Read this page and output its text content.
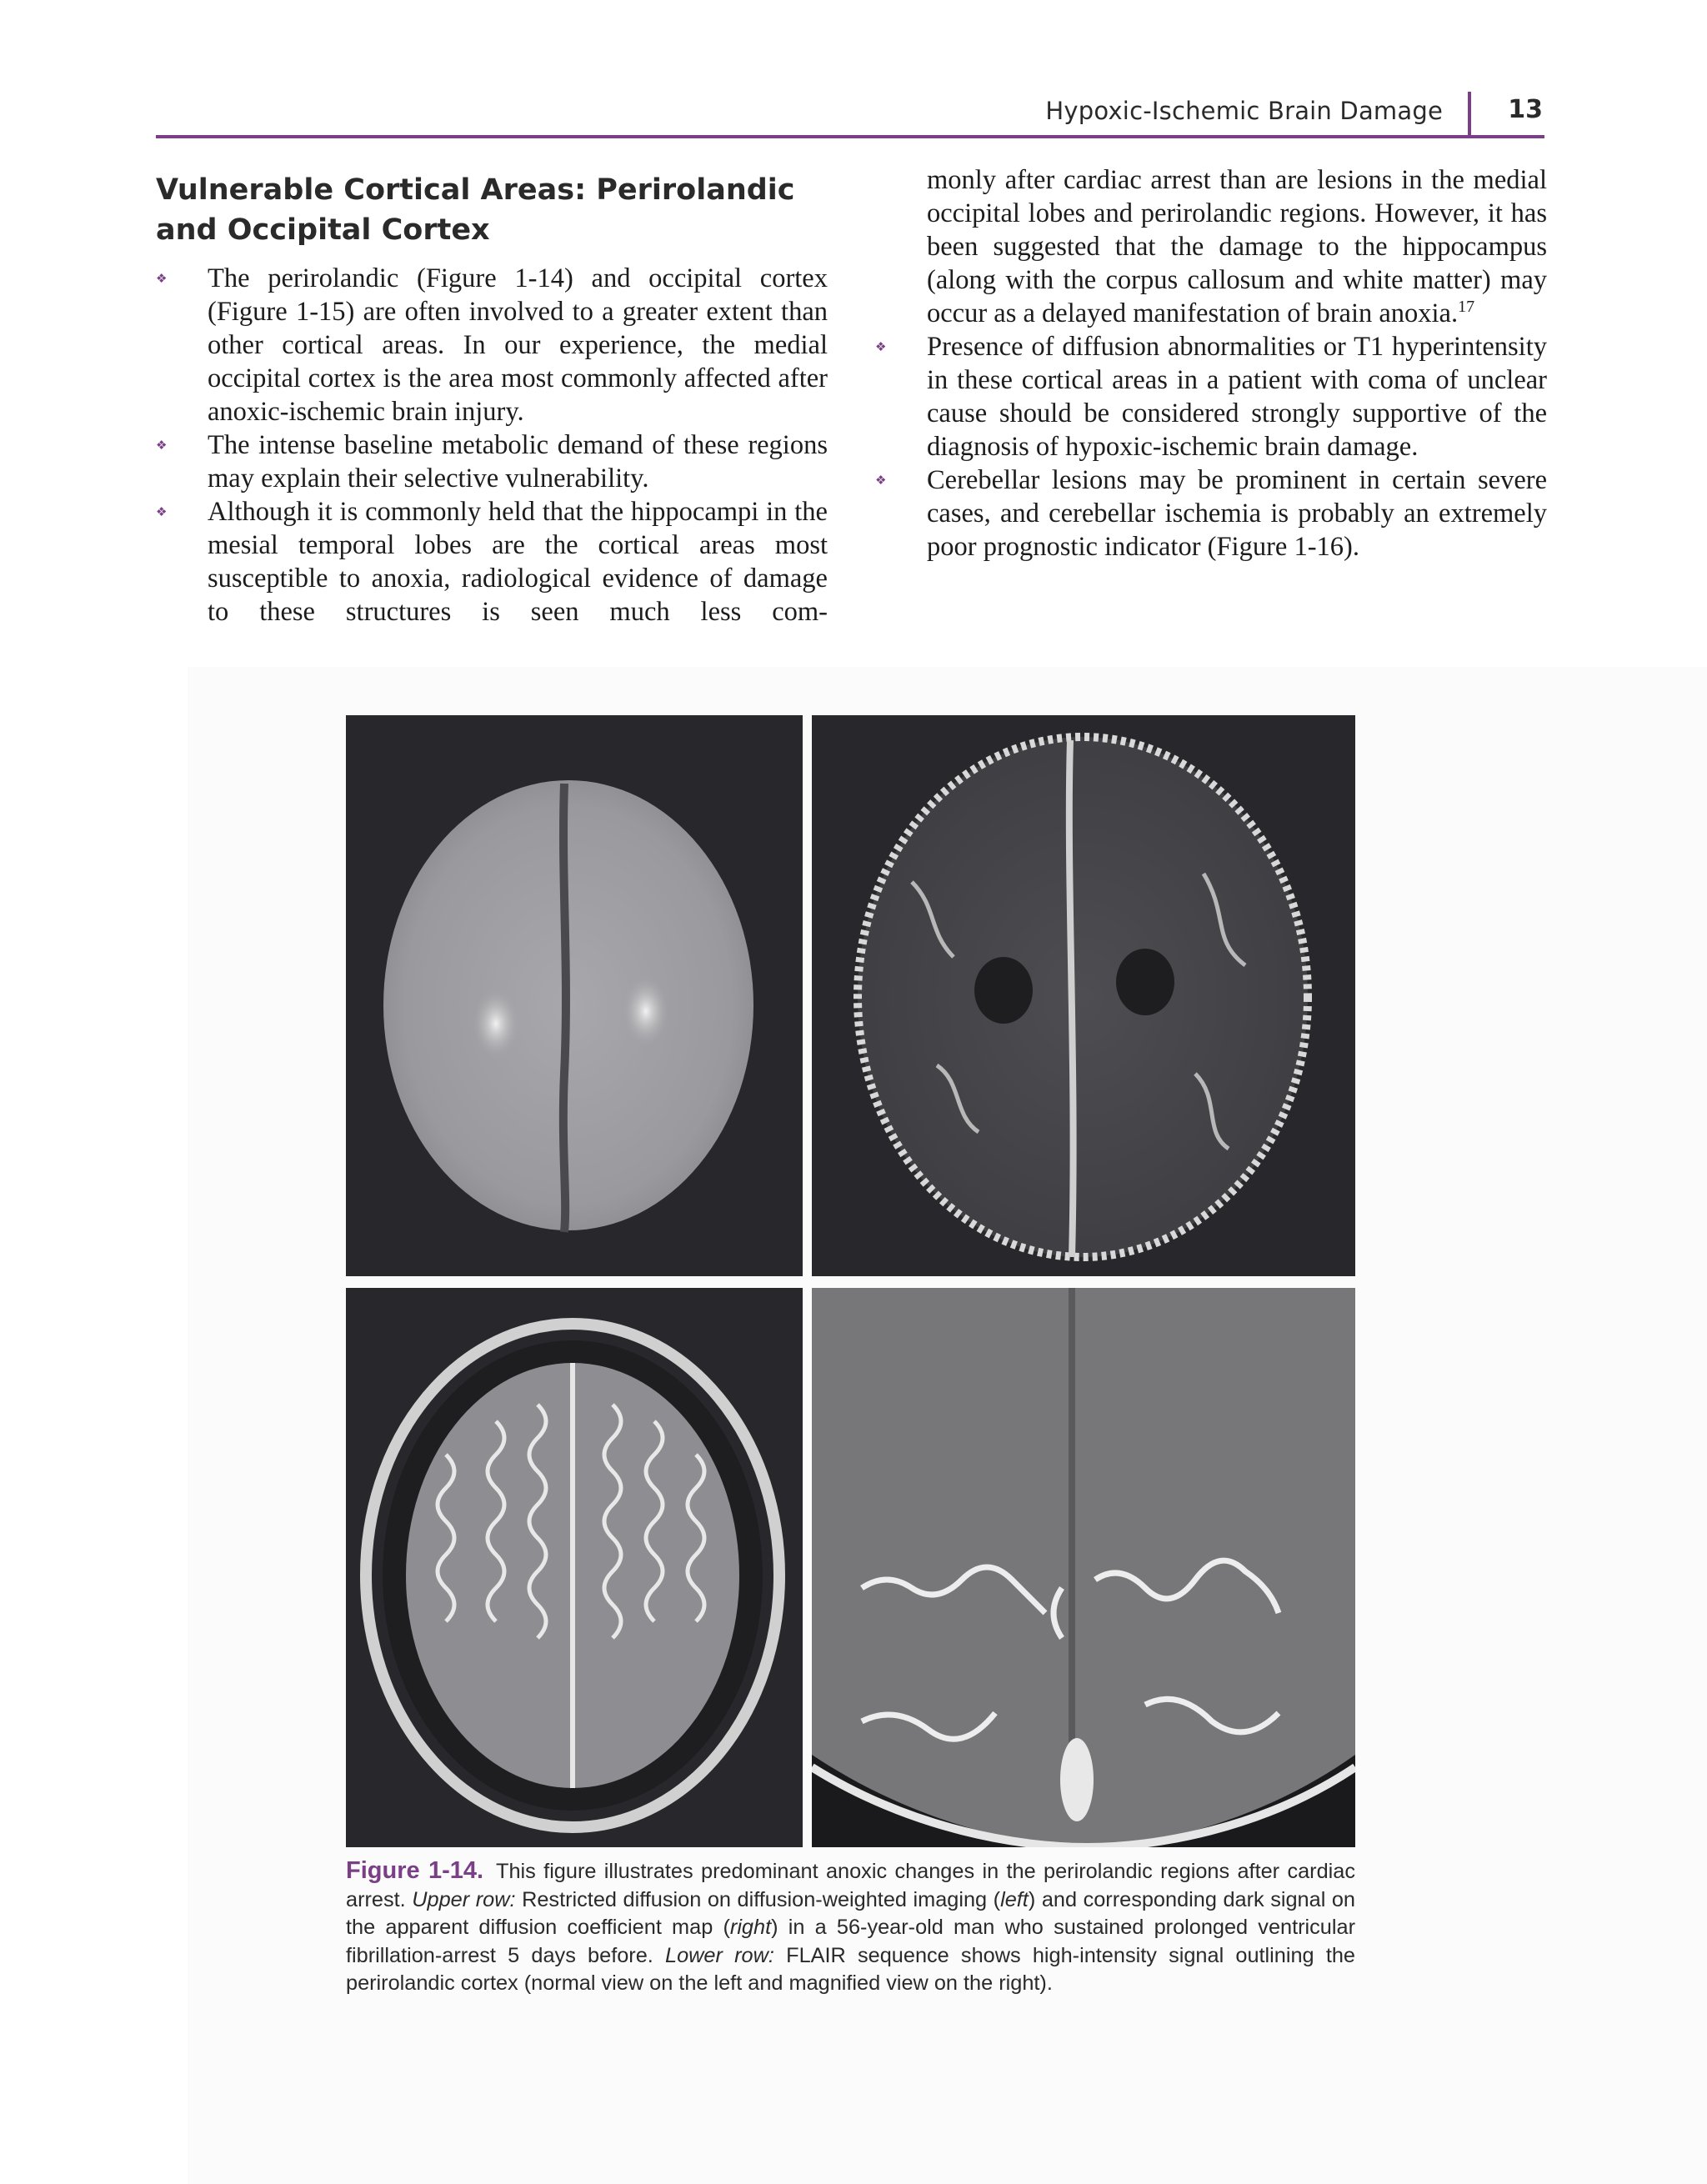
Hypoxic-Ischemic Brain Damage	13
Vulnerable Cortical Areas: Perirolandic
and Occipital Cortex
❖ The perirolandic (Figure 1-14) and occipital cortex (Figure 1-15) are often involved to a greater extent than other cortical areas. In our experience, the medial occipital cortex is the area most commonly affected after anoxic-ischemic brain injury.
❖ The intense baseline metabolic demand of these regions may explain their selective vulnerability.
❖ Although it is commonly held that the hippocampi in the mesial temporal lobes are the cortical areas most susceptible to anoxia, radiological evidence of damage to these structures is seen much less com-

monly after cardiac arrest than are lesions in the medial occipital lobes and perirolandic regions. However, it has been suggested that the damage to the hippocampus (along with the corpus callosum and white matter) may occur as a delayed manifestation of brain anoxia.$^{17}$

❖ Presence of diffusion abnormalities or T1 hyperintensity in these cortical areas in a patient with coma of unclear cause should be considered strongly supportive of the diagnosis of hypoxic-ischemic brain damage.
❖ Cerebellar lesions may be prominent in certain severe cases, and cerebellar ischemia is probably an extremely poor prognostic indicator (Figure 1-16).
Figure 1-14. This figure illustrates predominant anoxic changes in the perirolandic regions after cardiac arrest. Upper row: Restricted diffusion on diffusion-weighted imaging (left) and corresponding dark signal on the apparent diffusion coefficient map (right) in a 56-year-old man who sustained prolonged ventricular fibrillation-arrest 5 days before. Lower row: FLAIR sequence shows high-intensity signal outlining the perirolandic cortex (normal view on the left and magnified view on the right).
